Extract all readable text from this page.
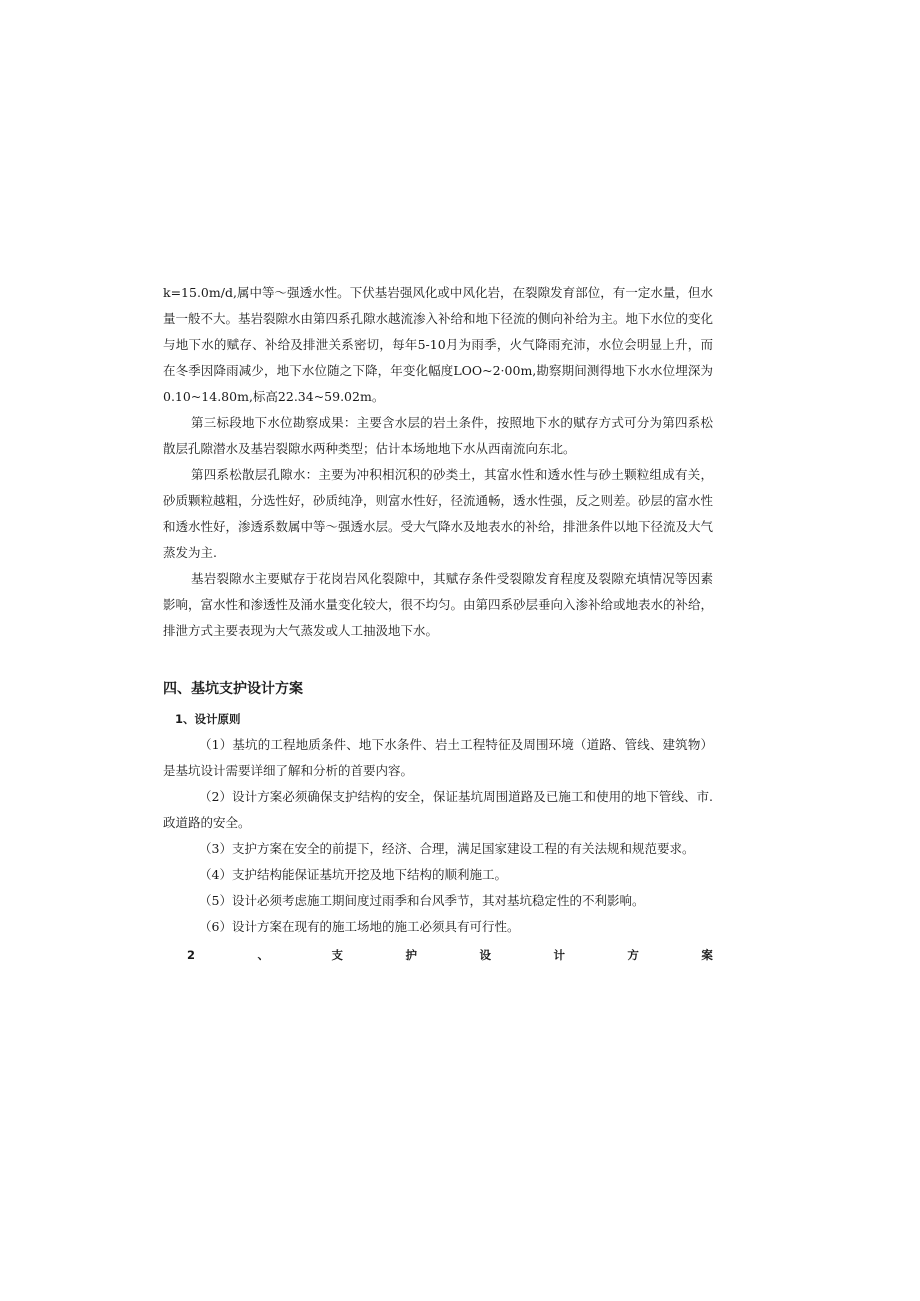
k=15.0m/d,属中等～强透水性。下伏基岩强风化或中风化岩，在裂隙发育部位，有一定水量，但水量一般不大。基岩裂隙水由第四系孔隙水越流渗入补给和地下径流的侧向补给为主。地下水位的变化与地下水的赋存、补给及排泄关系密切，每年5-10月为雨季，火气降雨充沛，水位会明显上升，而在冬季因降雨减少，地下水位随之下降，年变化幅度LOO~2·00m,勘察期间测得地下水水位埋深为0.10~14.80m,标高22.34~59.02m。

第三标段地下水位勘察成果：主要含水层的岩土条件，按照地下水的赋存方式可分为第四系松散层孔隙潜水及基岩裂隙水两种类型；估计本场地地下水从西南流向东北。

第四系松散层孔隙水：主要为冲积相沉积的砂类土，其富水性和透水性与砂土颗粒组成有关，砂质颗粒越粗，分选性好，砂质纯净，则富水性好，径流通畅，透水性强，反之则差。砂层的富水性和透水性好，渗透系数属中等～强透水层。受大气降水及地表水的补给，排泄条件以地下径流及大气蒸发为主.

基岩裂隙水主要赋存于花岗岩风化裂隙中，其赋存条件受裂隙发育程度及裂隙充填情况等因素影响，富水性和渗透性及涌水量变化较大，很不均匀。由第四系砂层垂向入渗补给或地表水的补给，排泄方式主要表现为大气蒸发或人工抽汲地下水。

四、基坑支护设计方案
1、设计原则

（1）基坑的工程地质条件、地下水条件、岩土工程特征及周围环境（道路、管线、建筑物）是基坑设计需要详细了解和分析的首要内容。

（2）设计方案必须确保支护结构的安全，保证基坑周围道路及已施工和使用的地下管线、市.政道路的安全。

（3）支护方案在安全的前提下，经济、合理，满足国家建设工程的有关法规和规范要求。

（4）支护结构能保证基坑开挖及地下结构的顺利施工。

（5）设计必须考虑施工期间度过雨季和台风季节，其对基坑稳定性的不利影响。

（6）设计方案在现有的施工场地的施工必须具有可行性。

2	、	支	护	设	计	方	案
